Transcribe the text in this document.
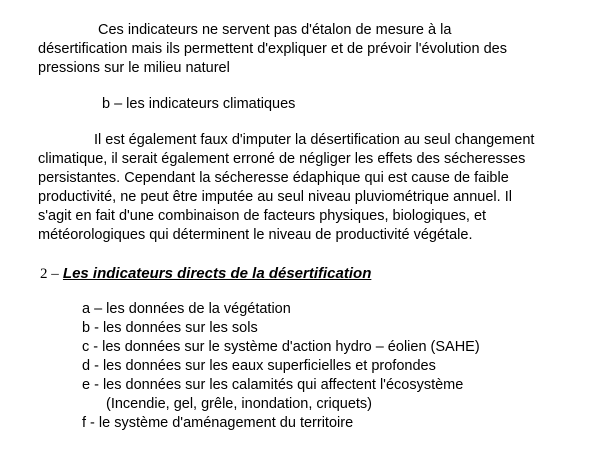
Ces indicateurs ne servent pas d'étalon de mesure à la
désertification mais ils permettent d'expliquer et de prévoir l'évolution des
pressions sur le milieu naturel
b – les indicateurs climatiques
Il est également faux d'imputer la désertification au seul changement
climatique, il serait également erroné de négliger les effets des sécheresses
persistantes. Cependant la sécheresse édaphique qui est cause de faible
productivité, ne peut être imputée au seul niveau pluviométrique annuel. Il
s'agit en fait d'une combinaison de facteurs physiques, biologiques, et
météorologiques qui déterminent le niveau de productivité végétale.
2 – Les indicateurs directs de la désertification
a – les données de la végétation
b - les données sur les sols
c - les données sur le système d'action hydro – éolien (SAHE)
d - les données sur les eaux superficielles et profondes
e - les données sur les calamités qui affectent l'écosystème
(Incendie, gel, grêle, inondation, criquets)
f - le système d'aménagement du territoire
